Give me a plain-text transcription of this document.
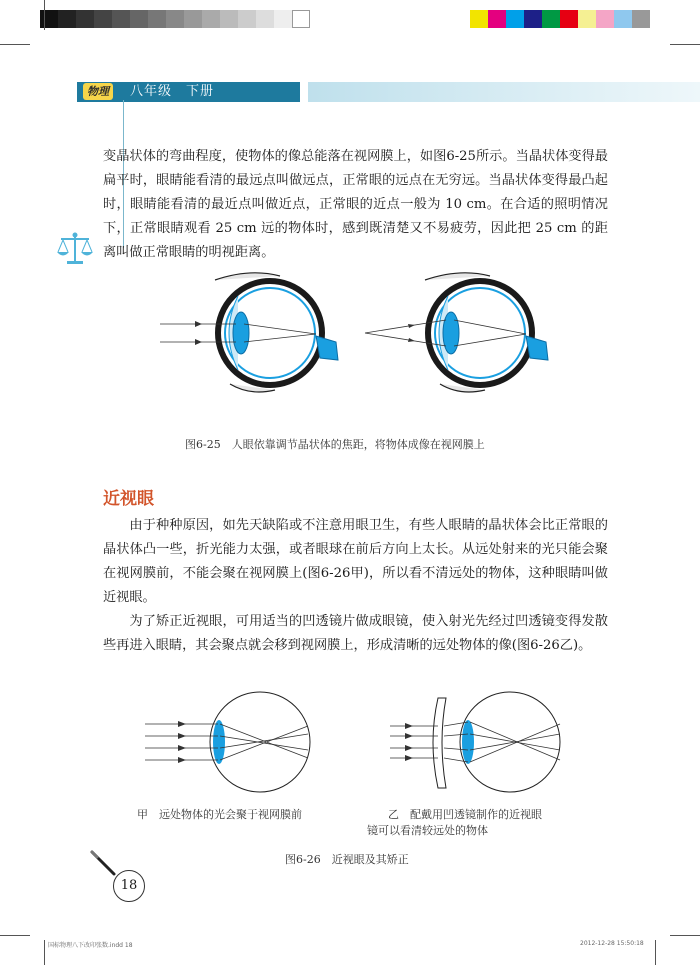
物理	八年级　下册

变晶状体的弯曲程度，使物体的像总能落在视网膜上，如图6-25所示。当晶状体变得最扁平时，眼睛能看清的最远点叫做远点，正常眼的远点在无穷远。当晶状体变得最凸起时，眼睛能看清的最近点叫做近点，正常眼的近点一般为 10 cm。在合适的照明情况下，正常眼睛观看 25 cm 远的物体时，感到既清楚又不易疲劳，因此把 25 cm 的距离叫做正常眼睛的明视距离。

图6-25　人眼依靠调节晶状体的焦距，将物体成像在视网膜上
近视眼

由于种种原因，如先天缺陷或不注意用眼卫生，有些人眼睛的晶状体会比正常眼的晶状体凸一些，折光能力太强，或者眼球在前后方向上太长。从远处射来的光只能会聚在视网膜前，不能会聚在视网膜上(图6-26甲)，所以看不清远处的物体，这种眼睛叫做近视眼。

为了矫正近视眼，可用适当的凹透镜片做成眼镜，使入射光先经过凹透镜变得发散些再进入眼睛，其会聚点就会移到视网膜上，形成清晰的远处物体的像(图6-26乙)。

甲　远处物体的光会聚于视网膜前	乙　配戴用凹透镜制作的近视眼
镜可以看清较远处的物体
图6-26　近视眼及其矫正
18
国标物理八下改印张数.indd 18	2012-12-28 15:50:18
